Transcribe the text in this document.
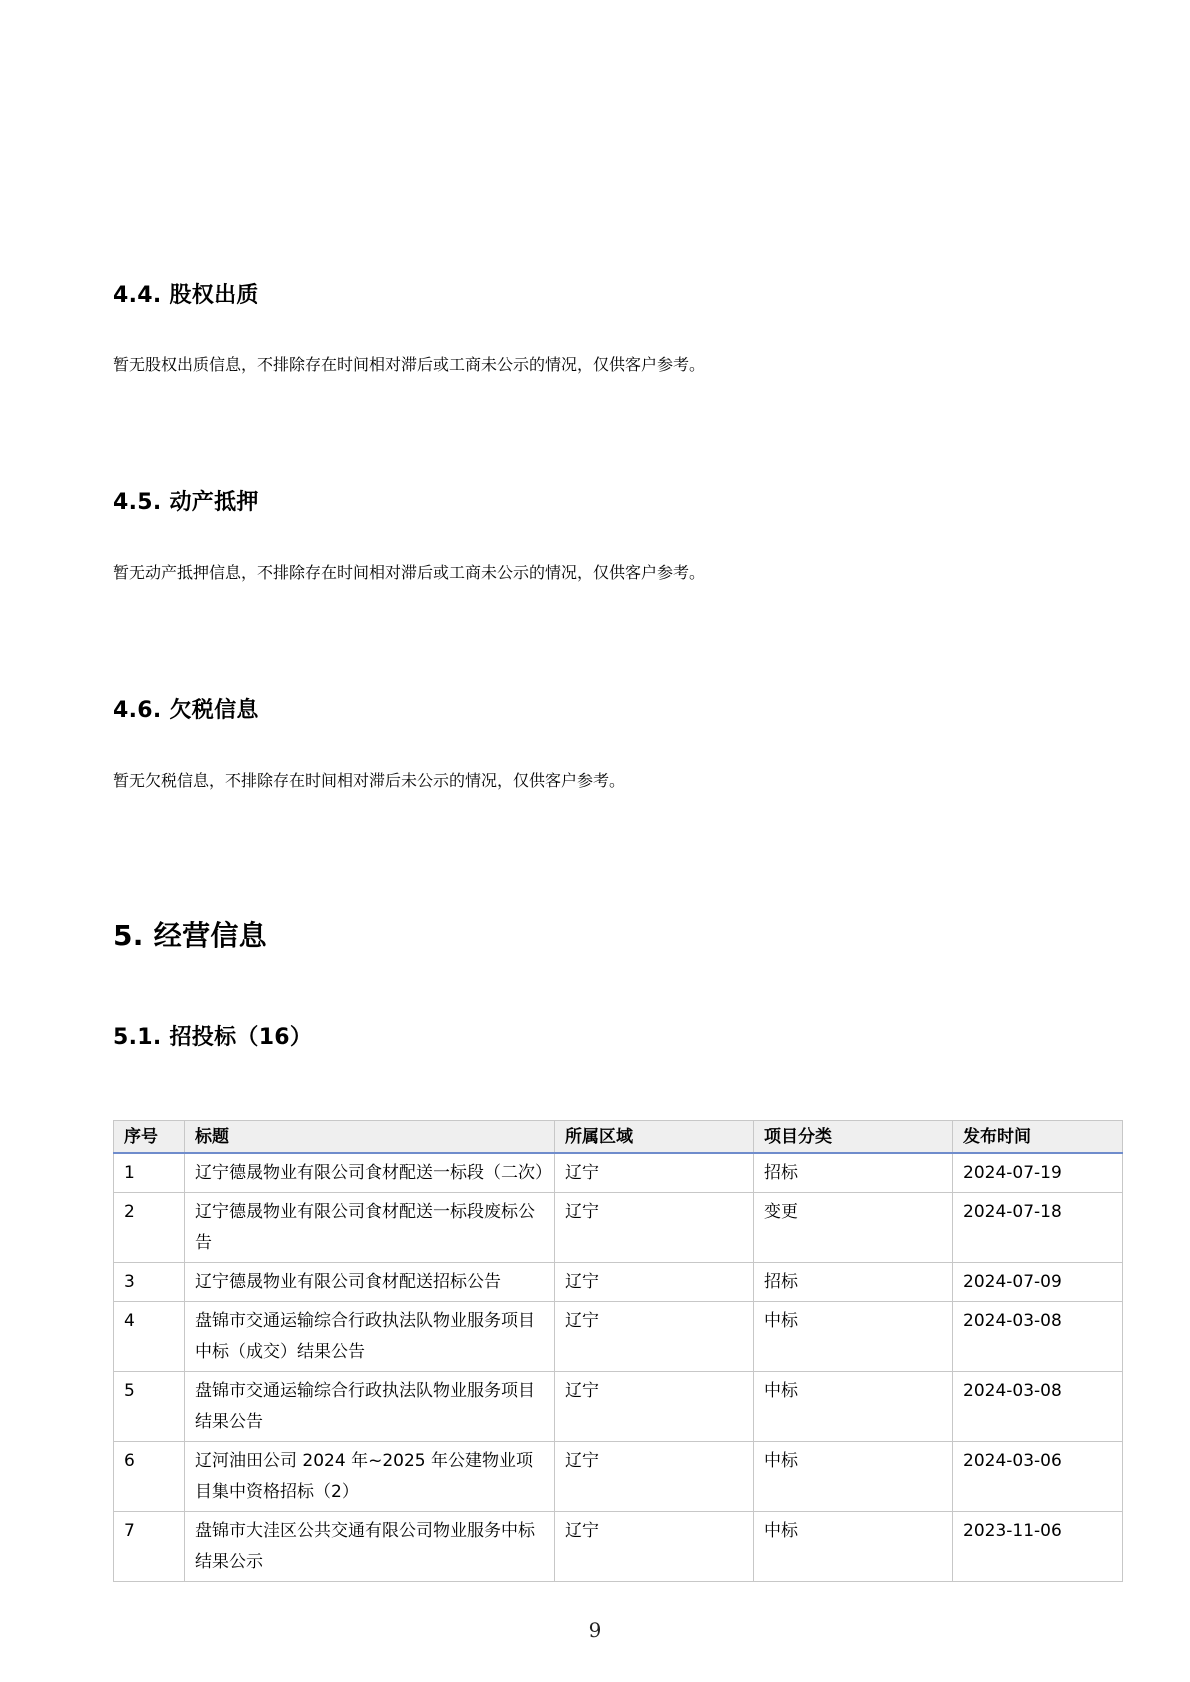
4.4. 股权出质

暂无股权出质信息，不排除存在时间相对滞后或工商未公示的情况，仅供客户参考。

4.5. 动产抵押

暂无动产抵押信息，不排除存在时间相对滞后或工商未公示的情况，仅供客户参考。

4.6. 欠税信息

暂无欠税信息，不排除存在时间相对滞后未公示的情况，仅供客户参考。

5. 经营信息
5.1. 招投标（16）
序号	标题	所属区域	项目分类	发布时间
1	辽宁德晟物业有限公司食材配送一标段（二次）	辽宁	招标	2024-07-19
2	辽宁德晟物业有限公司食材配送一标段废标公告	辽宁	变更	2024-07-18
3	辽宁德晟物业有限公司食材配送招标公告	辽宁	招标	2024-07-09
4	盘锦市交通运输综合行政执法队物业服务项目中标（成交）结果公告	辽宁	中标	2024-03-08
5	盘锦市交通运输综合行政执法队物业服务项目结果公告	辽宁	中标	2024-03-08
6	辽河油田公司 2024 年~2025 年公建物业项目集中资格招标（2）	辽宁	中标	2024-03-06
7	盘锦市大洼区公共交通有限公司物业服务中标结果公示	辽宁	中标	2023-11-06
9
